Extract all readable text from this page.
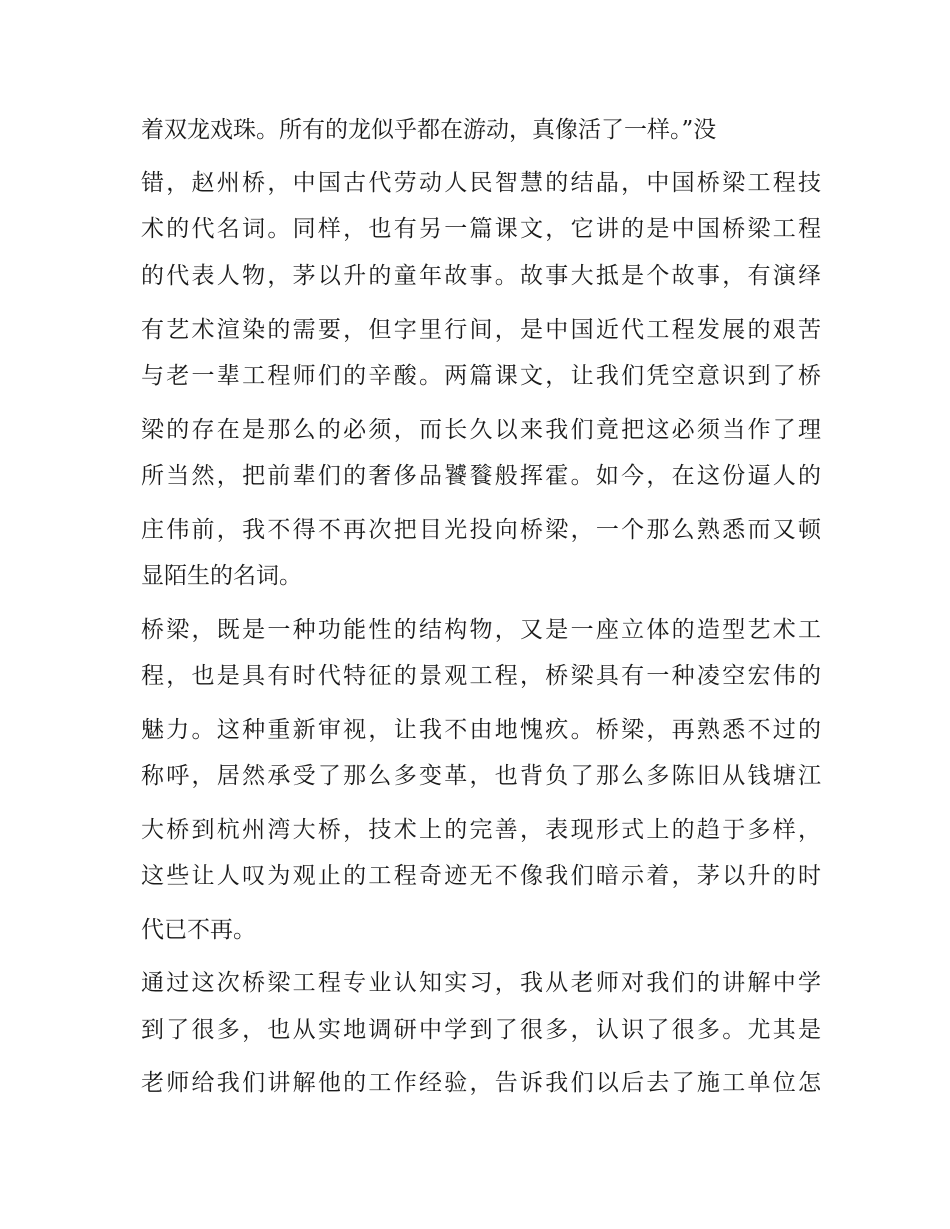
着双龙戏珠。所有的龙似乎都在游动，真像活了一样。”没

错，赵州桥，中国古代劳动人民智慧的结晶，中国桥梁工程技

术的代名词。同样，也有另一篇课文，它讲的是中国桥梁工程

的代表人物，茅以升的童年故事。故事大抵是个故事，有演绎

有艺术渲染的需要，但字里行间，是中国近代工程发展的艰苦

与老一辈工程师们的辛酸。两篇课文，让我们凭空意识到了桥

梁的存在是那么的必须，而长久以来我们竟把这必须当作了理

所当然，把前辈们的奢侈品饕餮般挥霍。如今，在这份逼人的

庄伟前，我不得不再次把目光投向桥梁，一个那么熟悉而又顿

显陌生的名词。

桥梁，既是一种功能性的结构物，又是一座立体的造型艺术工

程，也是具有时代特征的景观工程，桥梁具有一种凌空宏伟的

魅力。这种重新审视，让我不由地愧疚。桥梁，再熟悉不过的

称呼，居然承受了那么多变革，也背负了那么多陈旧从钱塘江

大桥到杭州湾大桥，技术上的完善，表现形式上的趋于多样，

这些让人叹为观止的工程奇迹无不像我们暗示着，茅以升的时

代已不再。

通过这次桥梁工程专业认知实习，我从老师对我们的讲解中学

到了很多，也从实地调研中学到了很多，认识了很多。尤其是

老师给我们讲解他的工作经验，告诉我们以后去了施工单位怎
